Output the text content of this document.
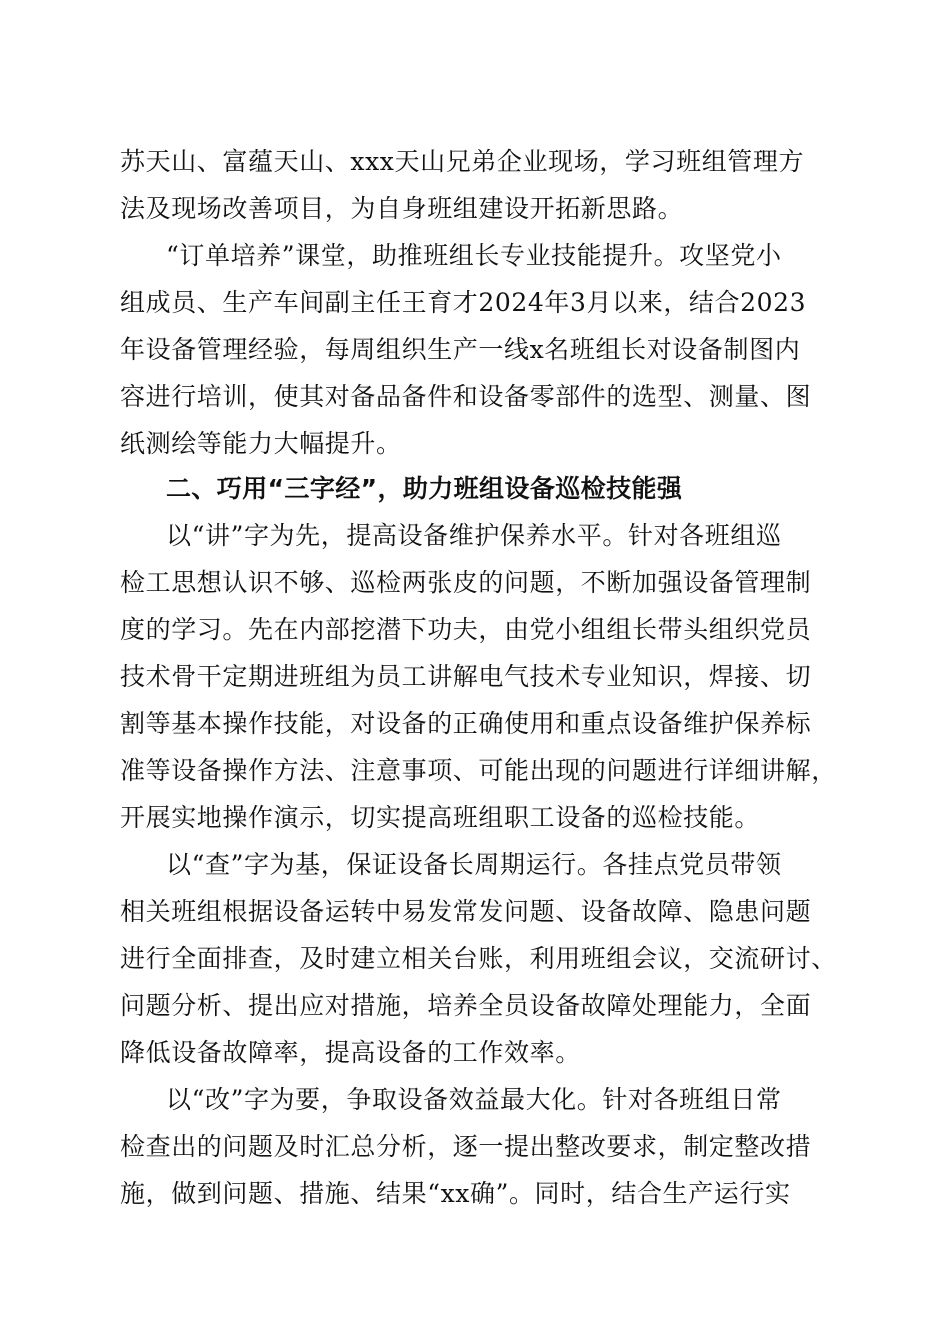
苏天山、富蕴天山、xxx天山兄弟企业现场，学习班组管理方
法及现场改善项目，为自身班组建设开拓新思路。
“订单培养”课堂，助推班组长专业技能提升。攻坚党小
组成员、生产车间副主任王育才2024年3月以来，结合2023
年设备管理经验，每周组织生产一线x名班组长对设备制图内
容进行培训，使其对备品备件和设备零部件的选型、测量、图
纸测绘等能力大幅提升。
二、巧用“三字经”，助力班组设备巡检技能强
以“讲”字为先，提高设备维护保养水平。针对各班组巡
检工思想认识不够、巡检两张皮的问题，不断加强设备管理制
度的学习。先在内部挖潜下功夫，由党小组组长带头组织党员
技术骨干定期进班组为员工讲解电气技术专业知识，焊接、切
割等基本操作技能，对设备的正确使用和重点设备维护保养标
准等设备操作方法、注意事项、可能出现的问题进行详细讲解，
开展实地操作演示，切实提高班组职工设备的巡检技能。
以“查”字为基，保证设备长周期运行。各挂点党员带领
相关班组根据设备运转中易发常发问题、设备故障、隐患问题
进行全面排查，及时建立相关台账，利用班组会议，交流研讨、
问题分析、提出应对措施，培养全员设备故障处理能力，全面
降低设备故障率，提高设备的工作效率。
以“改”字为要，争取设备效益最大化。针对各班组日常
检查出的问题及时汇总分析，逐一提出整改要求，制定整改措
施，做到问题、措施、结果“xx确”。同时，结合生产运行实
